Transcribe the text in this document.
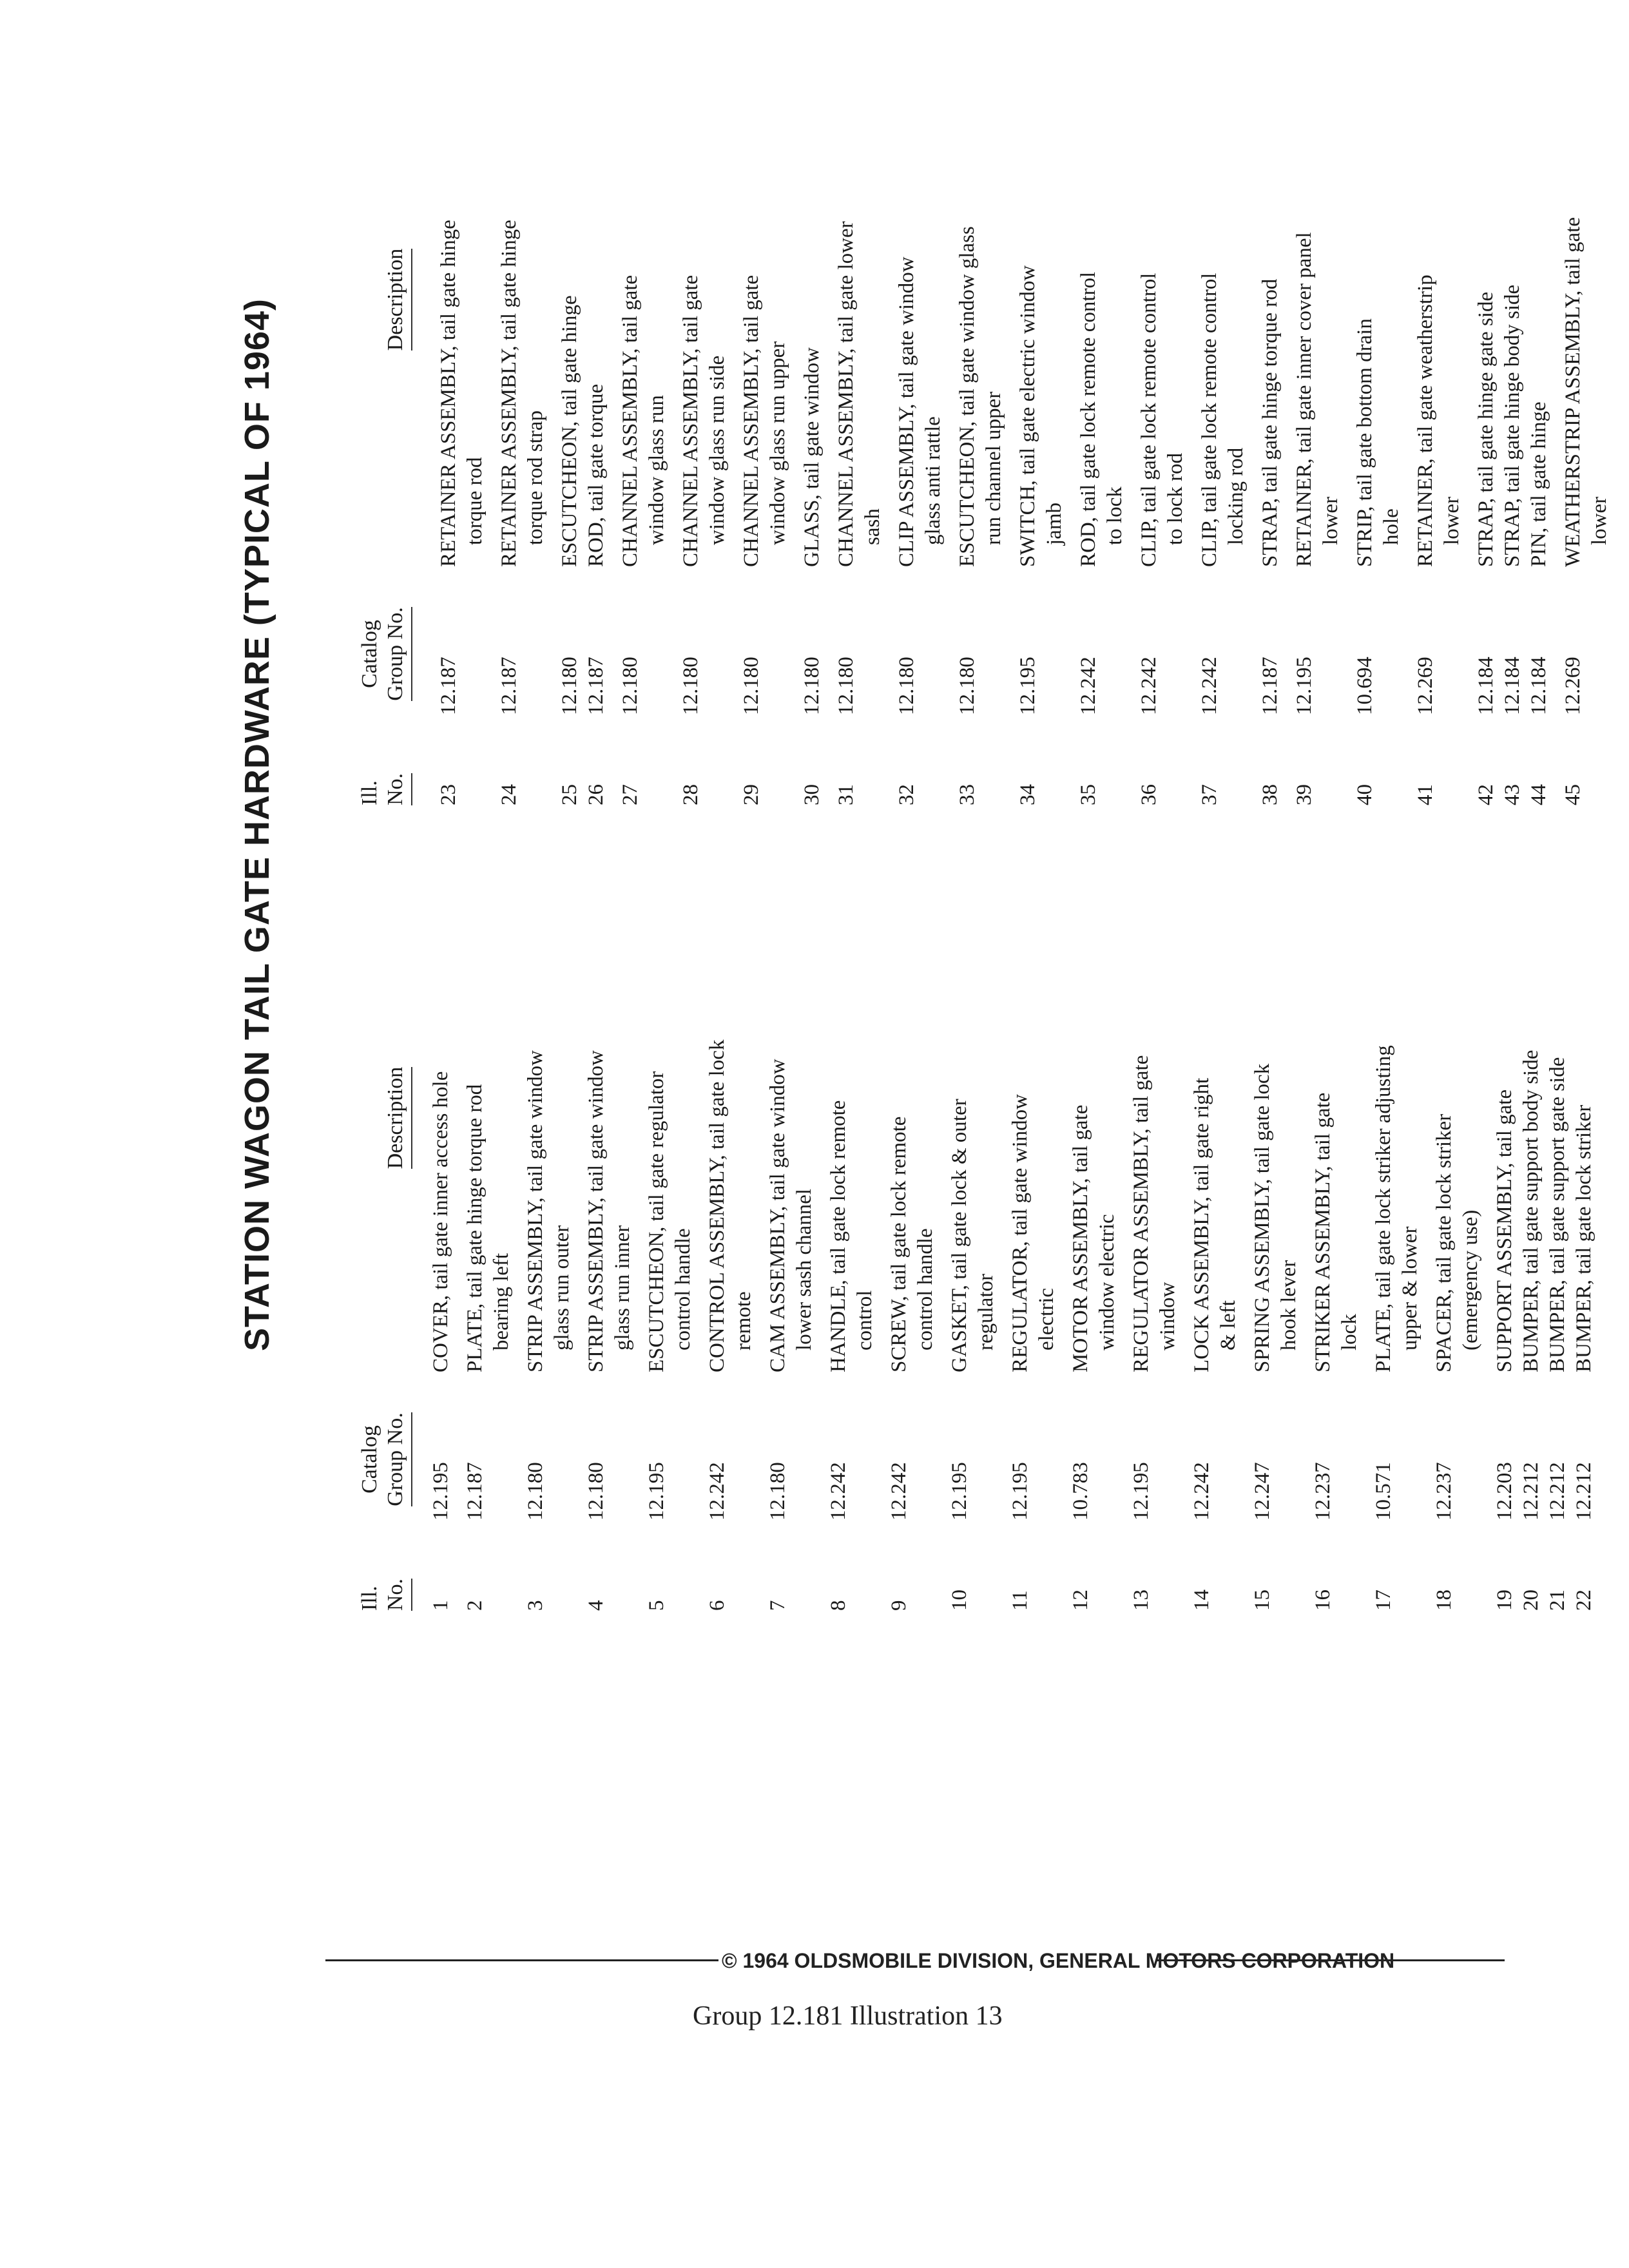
STATION WAGON TAIL GATE HARDWARE (TYPICAL OF 1964)
Ill.
No.
Catalog
Group No.
Description
1
12.195
COVER, tail gate inner access hole
2
12.187
PLATE, tail gate hinge torque rod bearing left
3
12.180
STRIP ASSEMBLY, tail gate window glass run outer
4
12.180
STRIP ASSEMBLY, tail gate window glass run inner
5
12.195
ESCUTCHEON, tail gate regulator control handle
6
12.242
CONTROL ASSEMBLY, tail gate lock remote
7
12.180
CAM ASSEMBLY, tail gate window lower sash channel
8
12.242
HANDLE, tail gate lock remote control
9
12.242
SCREW, tail gate lock remote control handle
10
12.195
GASKET, tail gate lock & outer regulator
11
12.195
REGULATOR, tail gate window electric
12
10.783
MOTOR ASSEMBLY, tail gate window electric
13
12.195
REGULATOR ASSEMBLY, tail gate window
14
12.242
LOCK ASSEMBLY, tail gate right & left
15
12.247
SPRING ASSEMBLY, tail gate lock hook lever
16
12.237
STRIKER ASSEMBLY, tail gate lock
17
10.571
PLATE, tail gate lock striker adjusting upper & lower
18
12.237
SPACER, tail gate lock striker (emergency use)
19
12.203
SUPPORT ASSEMBLY, tail gate
20
12.212
BUMPER, tail gate support body side
21
12.212
BUMPER, tail gate support gate side
22
12.212
BUMPER, tail gate lock striker
Ill.
No.
Catalog
Group No.
Description
23
12.187
RETAINER ASSEMBLY, tail gate hinge torque rod
24
12.187
RETAINER ASSEMBLY, tail gate hinge torque rod strap
25
12.180
ESCUTCHEON, tail gate hinge
26
12.187
ROD, tail gate torque
27
12.180
CHANNEL ASSEMBLY, tail gate window glass run
28
12.180
CHANNEL ASSEMBLY, tail gate window glass run side
29
12.180
CHANNEL ASSEMBLY, tail gate window glass run upper
30
12.180
GLASS, tail gate window
31
12.180
CHANNEL ASSEMBLY, tail gate lower sash
32
12.180
CLIP ASSEMBLY, tail gate window glass anti rattle
33
12.180
ESCUTCHEON, tail gate window glass run channel upper
34
12.195
SWITCH, tail gate electric window jamb
35
12.242
ROD, tail gate lock remote control to lock
36
12.242
CLIP, tail gate lock remote control to lock rod
37
12.242
CLIP, tail gate lock remote control locking rod
38
12.187
STRAP, tail gate hinge torque rod
39
12.195
RETAINER, tail gate inner cover panel lower
40
10.694
STRIP, tail gate bottom drain hole
41
12.269
RETAINER, tail gate weatherstrip lower
42
12.184
STRAP, tail gate hinge gate side
43
12.184
STRAP, tail gate hinge body side
44
12.184
PIN, tail gate hinge
45
12.269
WEATHERSTRIP ASSEMBLY, tail gate lower
© 1964 OLDSMOBILE DIVISION, GENERAL MOTORS CORPORATION
Group 12.181 Illustration 13
